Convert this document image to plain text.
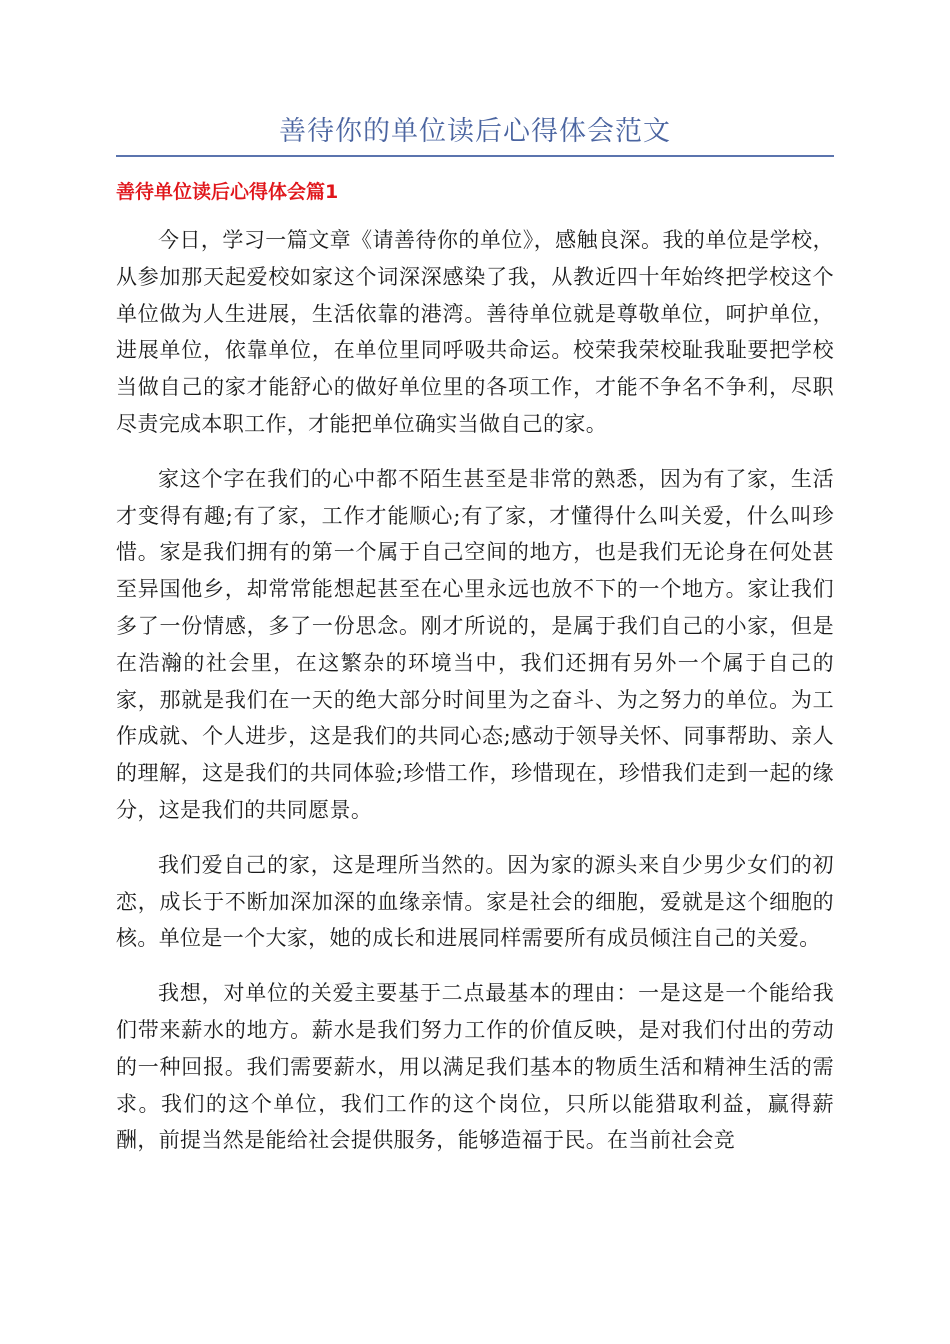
善待你的单位读后心得体会范文
善待单位读后心得体会篇1

今日，学习一篇文章《请善待你的单位》，感触良深。我的单位是学校，从参加那天起爱校如家这个词深深感染了我，从教近四十年始终把学校这个单位做为人生进展，生活依靠的港湾。善待单位就是尊敬单位，呵护单位，进展单位，依靠单位，在单位里同呼吸共命运。校荣我荣校耻我耻要把学校当做自己的家才能舒心的做好单位里的各项工作，才能不争名不争利，尽职尽责完成本职工作，才能把单位确实当做自己的家。

家这个字在我们的心中都不陌生甚至是非常的熟悉，因为有了家，生活才变得有趣;有了家，工作才能顺心;有了家，才懂得什么叫关爱，什么叫珍惜。家是我们拥有的第一个属于自己空间的地方，也是我们无论身在何处甚至异国他乡，却常常能想起甚至在心里永远也放不下的一个地方。家让我们多了一份情感，多了一份思念。刚才所说的，是属于我们自己的小家，但是在浩瀚的社会里，在这繁杂的环境当中，我们还拥有另外一个属于自己的家，那就是我们在一天的绝大部分时间里为之奋斗、为之努力的单位。为工作成就、个人进步，这是我们的共同心态;感动于领导关怀、同事帮助、亲人的理解，这是我们的共同体验;珍惜工作，珍惜现在，珍惜我们走到一起的缘分，这是我们的共同愿景。

我们爱自己的家，这是理所当然的。因为家的源头来自少男少女们的初恋，成长于不断加深加深的血缘亲情。家是社会的细胞，爱就是这个细胞的核。单位是一个大家，她的成长和进展同样需要所有成员倾注自己的关爱。

我想，对单位的关爱主要基于二点最基本的理由：一是这是一个能给我们带来薪水的地方。薪水是我们努力工作的价值反映，是对我们付出的劳动的一种回报。我们需要薪水，用以满足我们基本的物质生活和精神生活的需求。我们的这个单位，我们工作的这个岗位，只所以能猎取利益，赢得薪酬，前提当然是能给社会提供服务，能够造福于民。在当前社会竞
